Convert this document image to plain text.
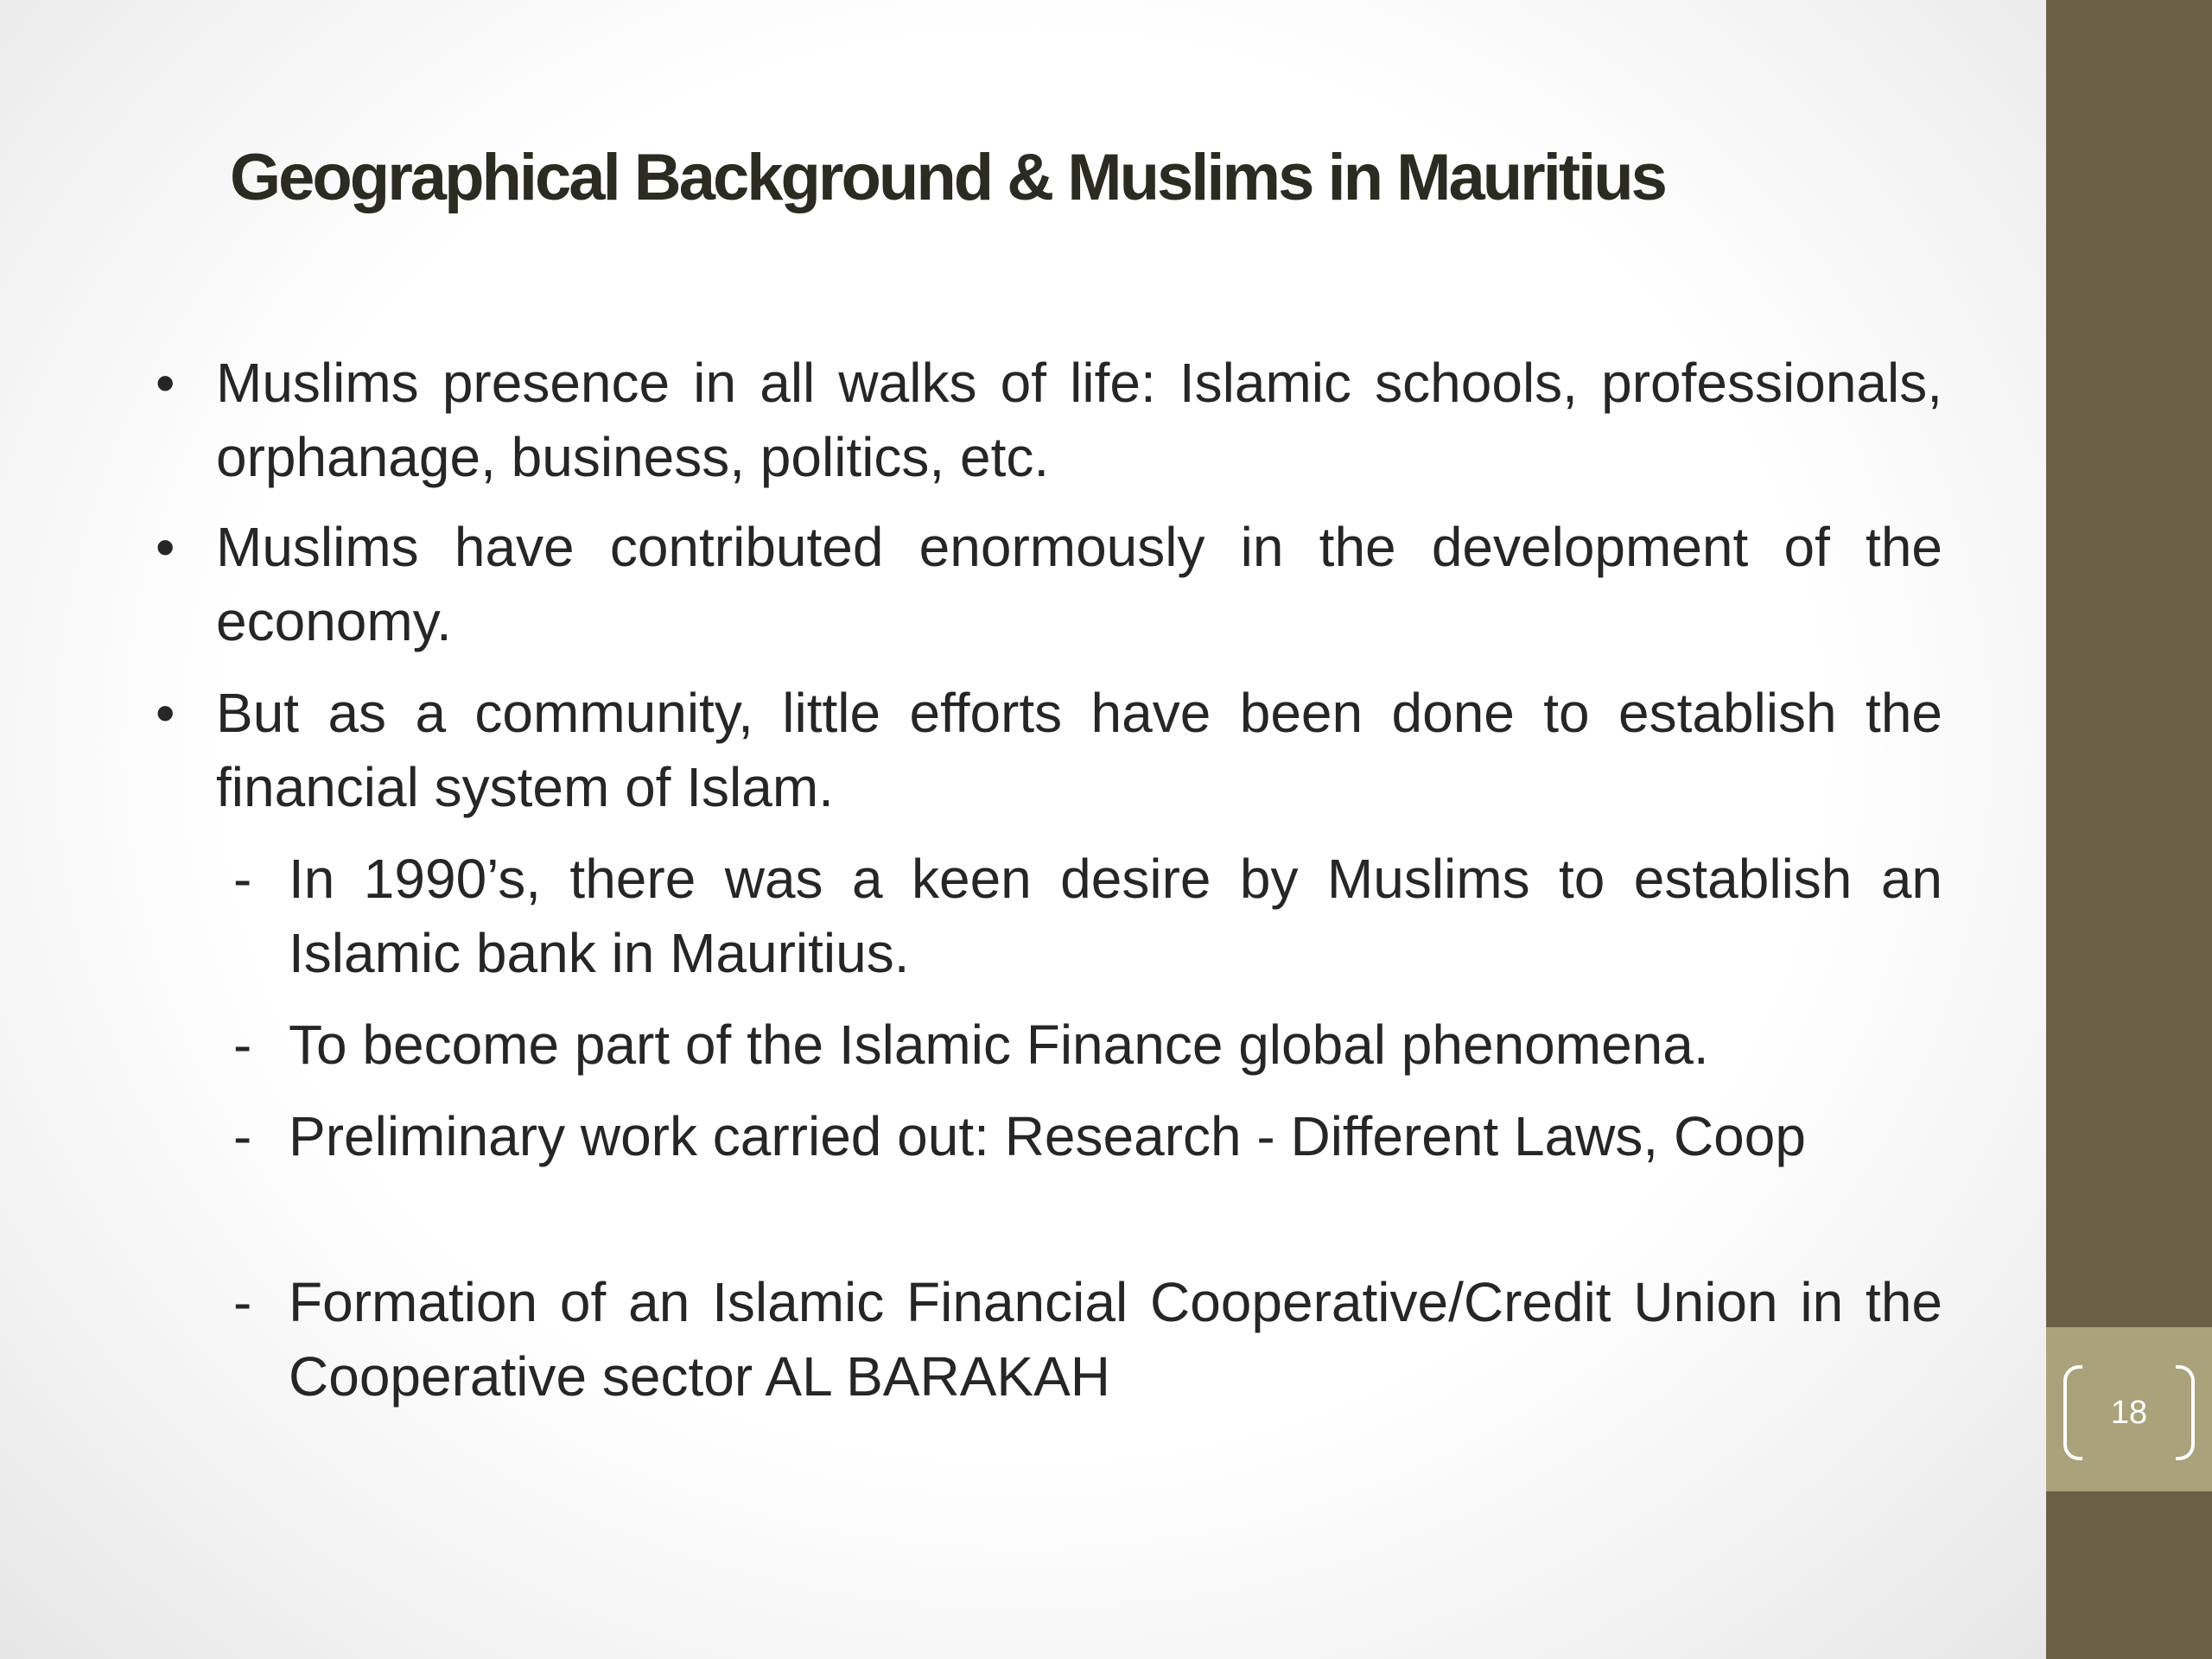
Geographical Background & Muslims in Mauritius
• Muslims presence in all walks of life: Islamic schools, professionals, orphanage, business, politics, etc.
• Muslims have contributed enormously in the development of the economy.
• But as a community, little efforts have been done to establish the financial system of Islam.
- In 1990’s, there was a keen desire by Muslims to establish an Islamic bank in Mauritius.
- To become part of the Islamic Finance global phenomena.
- Preliminary work carried out: Research - Different Laws, Coop
- Formation of an Islamic Financial Cooperative/Credit Union in the Cooperative sector AL BARAKAH
18
